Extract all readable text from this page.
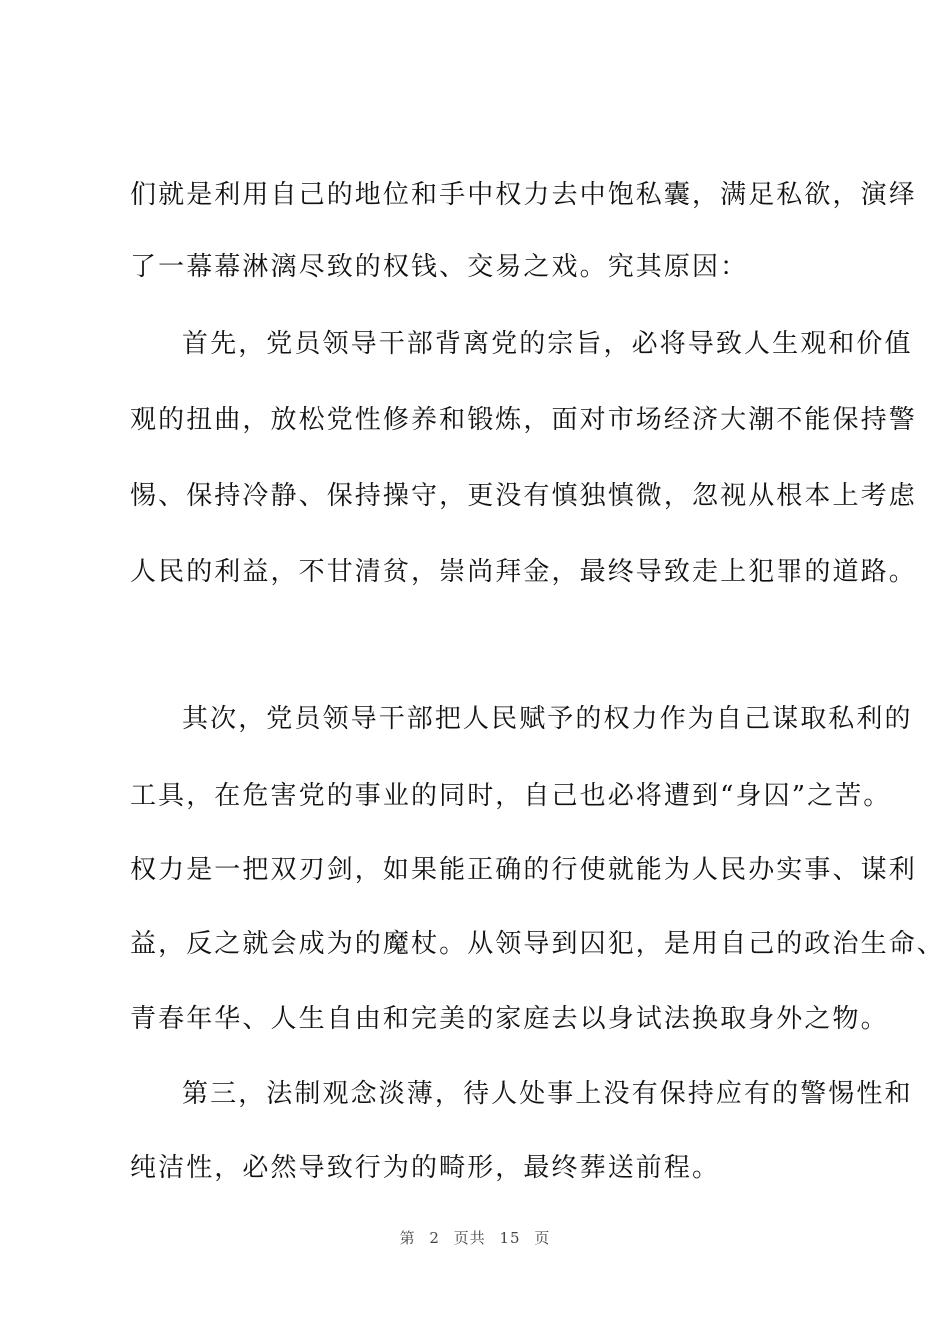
们就是利用自己的地位和手中权力去中饱私囊，满足私欲，演绎
了一幕幕淋漓尽致的权钱、交易之戏。究其原因：
首先，党员领导干部背离党的宗旨，必将导致人生观和价值
观的扭曲，放松党性修养和锻炼，面对市场经济大潮不能保持警
惕、保持冷静、保持操守，更没有慎独慎微，忽视从根本上考虑
人民的利益，不甘清贫，崇尚拜金，最终导致走上犯罪的道路。
其次，党员领导干部把人民赋予的权力作为自己谋取私利的
工具，在危害党的事业的同时，自己也必将遭到“身囚”之苦。
权力是一把双刃剑，如果能正确的行使就能为人民办实事、谋利
益，反之就会成为的魔杖。从领导到囚犯，是用自己的政治生命、
青春年华、人生自由和完美的家庭去以身试法换取身外之物。
第三，法制观念淡薄，待人处事上没有保持应有的警惕性和
纯洁性，必然导致行为的畸形，最终葬送前程。
第 2 页共 15 页
